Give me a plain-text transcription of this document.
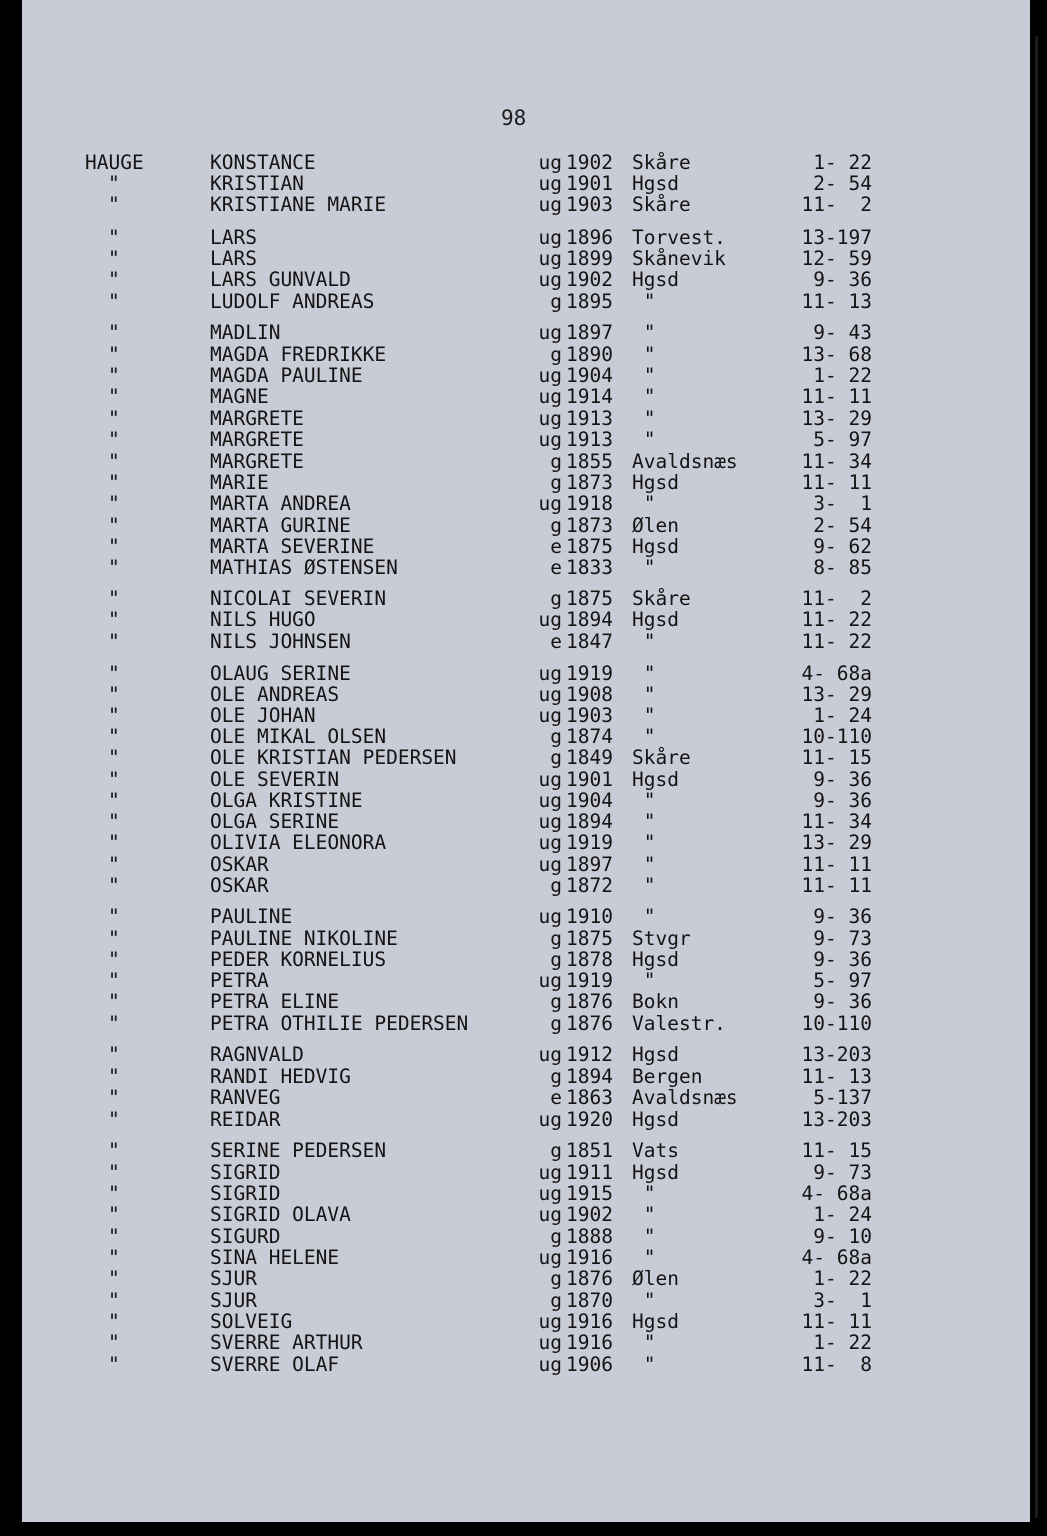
98
HAUGE	KONSTANCE	ug 1902 Skåre	1- 22
"	KRISTIAN	ug 1901 Hgsd	2- 54
"	KRISTIANE MARIE	ug 1903 Skåre	11-  2
"	LARS	ug 1896 Torvest.	13-197
"	LARS	ug 1899 Skånevik	12- 59
"	LARS GUNVALD	ug 1902 Hgsd	9- 36
"	LUDOLF ANDREAS	g 1895 "	11- 13
"	MADLIN	ug 1897 "	9- 43
"	MAGDA FREDRIKKE	g 1890 "	13- 68
"	MAGDA PAULINE	ug 1904 "	1- 22
"	MAGNE	ug 1914 "	11- 11
"	MARGRETE	ug 1913 "	13- 29
"	MARGRETE	ug 1913 "	5- 97
"	MARGRETE	g 1855 Avaldsnæs	11- 34
"	MARIE	g 1873 Hgsd	11- 11
"	MARTA ANDREA	ug 1918 "	3-  1
"	MARTA GURINE	g 1873 Ølen	2- 54
"	MARTA SEVERINE	e 1875 Hgsd	9- 62
"	MATHIAS ØSTENSEN	e 1833 "	8- 85
"	NICOLAI SEVERIN	g 1875 Skåre	11-  2
"	NILS HUGO	ug 1894 Hgsd	11- 22
"	NILS JOHNSEN	e 1847 "	11- 22
"	OLAUG SERINE	ug 1919 "	4- 68a
"	OLE ANDREAS	ug 1908 "	13- 29
"	OLE JOHAN	ug 1903 "	1- 24
"	OLE MIKAL OLSEN	g 1874 "	10-110
"	OLE KRISTIAN PEDERSEN	g 1849 Skåre	11- 15
"	OLE SEVERIN	ug 1901 Hgsd	9- 36
"	OLGA KRISTINE	ug 1904 "	9- 36
"	OLGA SERINE	ug 1894 "	11- 34
"	OLIVIA ELEONORA	ug 1919 "	13- 29
"	OSKAR	ug 1897 "	11- 11
"	OSKAR	g 1872 "	11- 11
"	PAULINE	ug 1910 "	9- 36
"	PAULINE NIKOLINE	g 1875 Stvgr	9- 73
"	PEDER KORNELIUS	g 1878 Hgsd	9- 36
"	PETRA	ug 1919 "	5- 97
"	PETRA ELINE	g 1876 Bokn	9- 36
"	PETRA OTHILIE PEDERSEN	g 1876 Valestr.	10-110
"	RAGNVALD	ug 1912 Hgsd	13-203
"	RANDI HEDVIG	g 1894 Bergen	11- 13
"	RANVEG	e 1863 Avaldsnæs	5-137
"	REIDAR	ug 1920 Hgsd	13-203
"	SERINE PEDERSEN	g 1851 Vats	11- 15
"	SIGRID	ug 1911 Hgsd	9- 73
"	SIGRID	ug 1915 "	4- 68a
"	SIGRID OLAVA	ug 1902 "	1- 24
"	SIGURD	g 1888 "	9- 10
"	SINA HELENE	ug 1916 "	4- 68a
"	SJUR	g 1876 Ølen	1- 22
"	SJUR	g 1870 "	3-  1
"	SOLVEIG	ug 1916 Hgsd	11- 11
"	SVERRE ARTHUR	ug 1916 "	1- 22
"	SVERRE OLAF	ug 1906 "	11-  8
